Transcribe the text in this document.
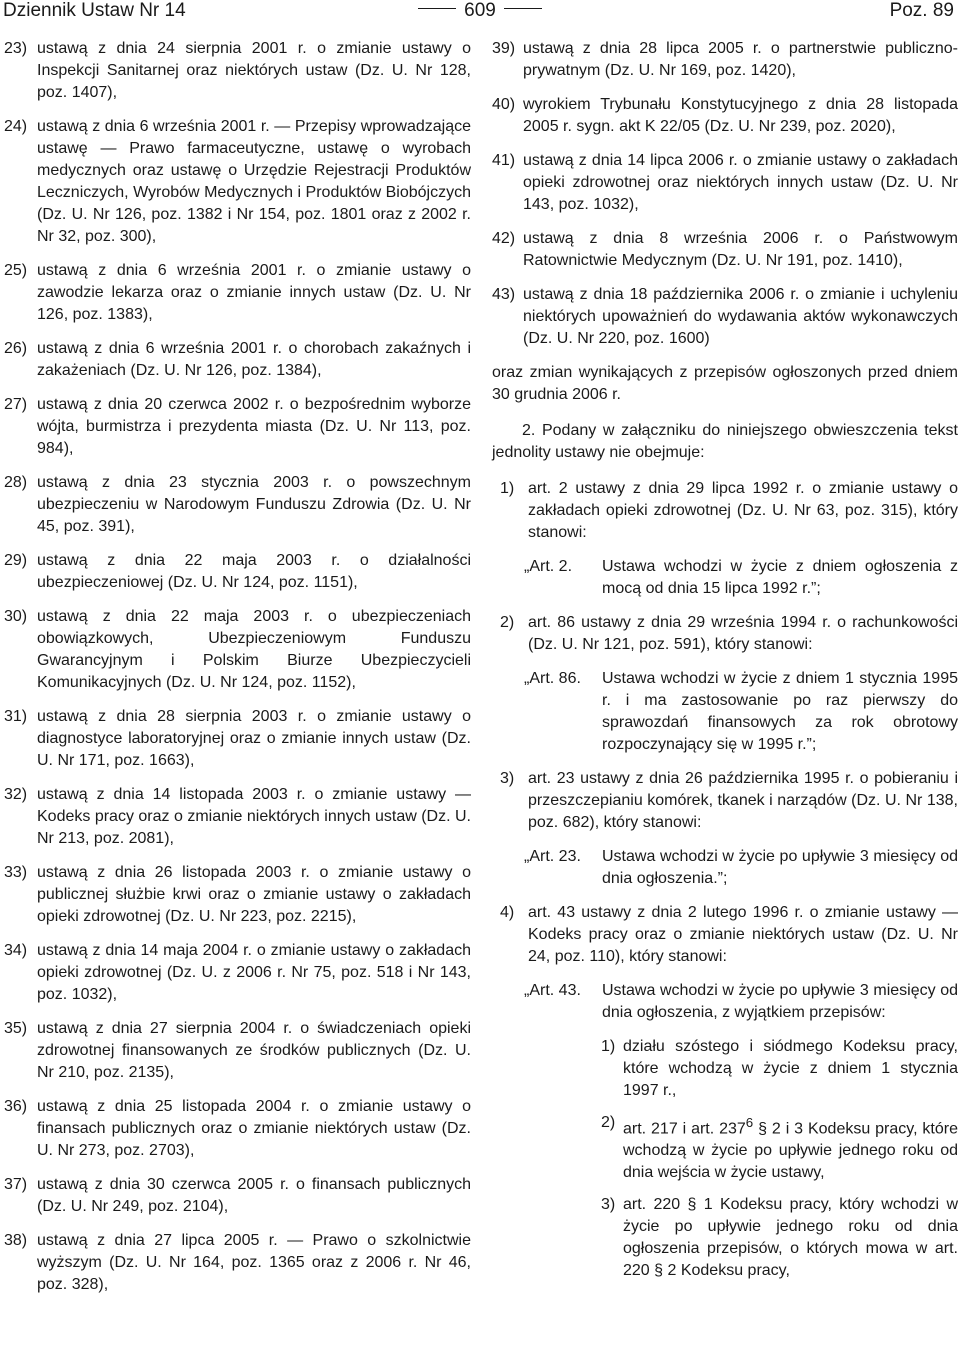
Dziennik Ustaw Nr 14	609	Poz. 89
23) ustawą z dnia 24 sierpnia 2001 r. o zmianie ustawy o Inspekcji Sanitarnej oraz niektórych ustaw (Dz. U. Nr 128, poz. 1407),
24) ustawą z dnia 6 września 2001 r. — Przepisy wprowadzające ustawę — Prawo farmaceutyczne, ustawę o wyrobach medycznych oraz ustawę o Urzędzie Rejestracji Produktów Leczniczych, Wyrobów Medycznych i Produktów Biobójczych (Dz. U. Nr 126, poz. 1382 i Nr 154, poz. 1801 oraz z 2002 r. Nr 32, poz. 300),
25) ustawą z dnia 6 września 2001 r. o zmianie ustawy o zawodzie lekarza oraz o zmianie innych ustaw (Dz. U. Nr 126, poz. 1383),
26) ustawą z dnia 6 września 2001 r. o chorobach zakaźnych i zakażeniach (Dz. U. Nr 126, poz. 1384),
27) ustawą z dnia 20 czerwca 2002 r. o bezpośrednim wyborze wójta, burmistrza i prezydenta miasta (Dz. U. Nr 113, poz. 984),
28) ustawą z dnia 23 stycznia 2003 r. o powszechnym ubezpieczeniu w Narodowym Funduszu Zdrowia (Dz. U. Nr 45, poz. 391),
29) ustawą z dnia 22 maja 2003 r. o działalności ubezpieczeniowej (Dz. U. Nr 124, poz. 1151),
30) ustawą z dnia 22 maja 2003 r. o ubezpieczeniach obowiązkowych, Ubezpieczeniowym Funduszu Gwarancyjnym i Polskim Biurze Ubezpieczycieli Komunikacyjnych (Dz. U. Nr 124, poz. 1152),
31) ustawą z dnia 28 sierpnia 2003 r. o zmianie ustawy o diagnostyce laboratoryjnej oraz o zmianie innych ustaw (Dz. U. Nr 171, poz. 1663),
32) ustawą z dnia 14 listopada 2003 r. o zmianie ustawy — Kodeks pracy oraz o zmianie niektórych innych ustaw (Dz. U. Nr 213, poz. 2081),
33) ustawą z dnia 26 listopada 2003 r. o zmianie ustawy o publicznej służbie krwi oraz o zmianie ustawy o zakładach opieki zdrowotnej (Dz. U. Nr 223, poz. 2215),
34) ustawą z dnia 14 maja 2004 r. o zmianie ustawy o zakładach opieki zdrowotnej (Dz. U. z 2006 r. Nr 75, poz. 518 i Nr 143, poz. 1032),
35) ustawą z dnia 27 sierpnia 2004 r. o świadczeniach opieki zdrowotnej finansowanych ze środków publicznych (Dz. U. Nr 210, poz. 2135),
36) ustawą z dnia 25 listopada 2004 r. o zmianie ustawy o finansach publicznych oraz o zmianie niektórych ustaw (Dz. U. Nr 273, poz. 2703),
37) ustawą z dnia 30 czerwca 2005 r. o finansach publicznych (Dz. U. Nr 249, poz. 2104),
38) ustawą z dnia 27 lipca 2005 r. — Prawo o szkolnictwie wyższym (Dz. U. Nr 164, poz. 1365 oraz z 2006 r. Nr 46, poz. 328),
39) ustawą z dnia 28 lipca 2005 r. o partnerstwie publiczno-prywatnym (Dz. U. Nr 169, poz. 1420),
40) wyrokiem Trybunału Konstytucyjnego z dnia 28 listopada 2005 r. sygn. akt K 22/05 (Dz. U. Nr 239, poz. 2020),
41) ustawą z dnia 14 lipca 2006 r. o zmianie ustawy o zakładach opieki zdrowotnej oraz niektórych innych ustaw (Dz. U. Nr 143, poz. 1032),
42) ustawą z dnia 8 września 2006 r. o Państwowym Ratownictwie Medycznym (Dz. U. Nr 191, poz. 1410),
43) ustawą z dnia 18 października 2006 r. o zmianie i uchyleniu niektórych upoważnień do wydawania aktów wykonawczych (Dz. U. Nr 220, poz. 1600)

oraz zmian wynikających z przepisów ogłoszonych przed dniem 30 grudnia 2006 r.

2. Podany w załączniku do niniejszego obwieszczenia tekst jednolity ustawy nie obejmuje:

1) art. 2 ustawy z dnia 29 lipca 1992 r. o zmianie ustawy o zakładach opieki zdrowotnej (Dz. U. Nr 63, poz. 315), który stanowi:
„Art. 2. Ustawa wchodzi w życie z dniem ogłoszenia z mocą od dnia 15 lipca 1992 r.”;
2) art. 86 ustawy z dnia 29 września 1994 r. o rachunkowości (Dz. U. Nr 121, poz. 591), który stanowi:
„Art. 86. Ustawa wchodzi w życie z dniem 1 stycznia 1995 r. i ma zastosowanie po raz pierwszy do sprawozdań finansowych za rok obrotowy rozpoczynający się w 1995 r.”;
3) art. 23 ustawy z dnia 26 października 1995 r. o pobieraniu i przeszczepianiu komórek, tkanek i narządów (Dz. U. Nr 138, poz. 682), który stanowi:
„Art. 23. Ustawa wchodzi w życie po upływie 3 miesięcy od dnia ogłoszenia.”;
4) art. 43 ustawy z dnia 2 lutego 1996 r. o zmianie ustawy — Kodeks pracy oraz o zmianie niektórych ustaw (Dz. U. Nr 24, poz. 110), który stanowi:
„Art. 43. Ustawa wchodzi w życie po upływie 3 miesięcy od dnia ogłoszenia, z wyjątkiem przepisów:
1) działu szóstego i siódmego Kodeksu pracy, które wchodzą w życie z dniem 1 stycznia 1997 r.,
2) art. 217 i art. $237^6$ § 2 i 3 Kodeksu pracy, które wchodzą w życie po upływie jednego roku od dnia wejścia w życie ustawy,
3) art. 220 § 1 Kodeksu pracy, który wchodzi w życie po upływie jednego roku od dnia ogłoszenia przepisów, o których mowa w art. 220 § 2 Kodeksu pracy,
